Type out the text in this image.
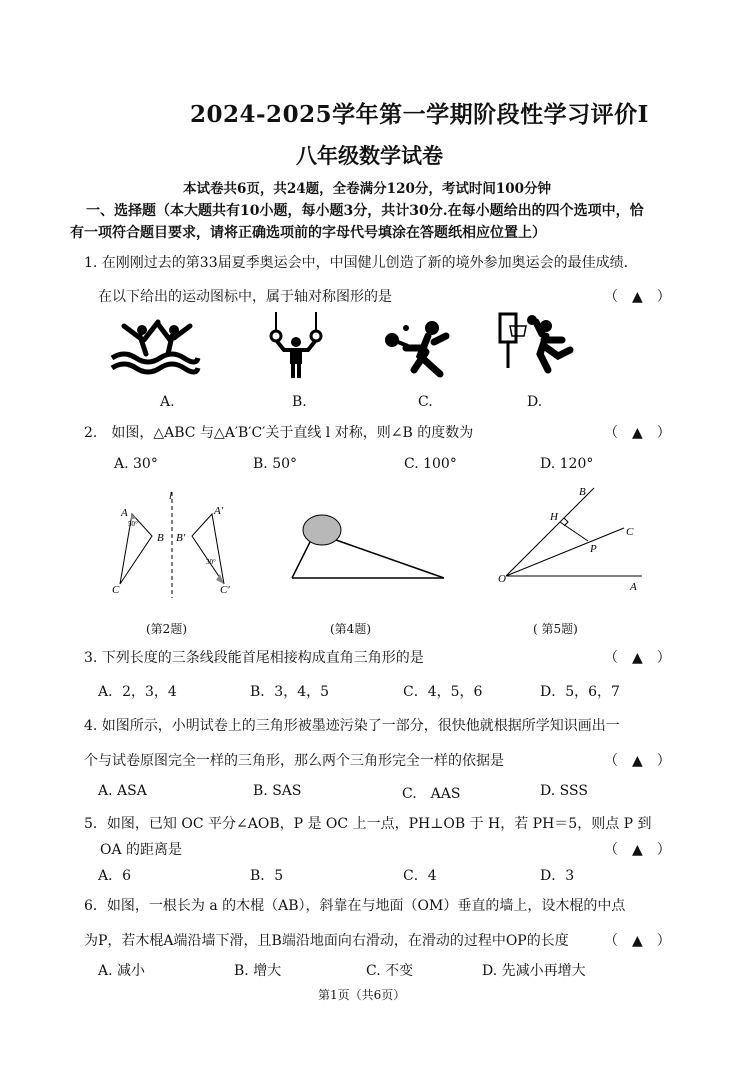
2024-2025学年第一学期阶段性学习评价Ⅰ
八年级数学试卷
本试卷共6页，共24题，全卷满分120分，考试时间100分钟
一、选择题（本大题共有10小题，每小题3分，共计30分.在每小题给出的四个选项中，恰
有一项符合题目要求，请将正确选项前的字母代号填涂在答题纸相应位置上）
1. 在刚刚过去的第33届夏季奥运会中，中国健儿创造了新的境外参加奥运会的最佳成绩.
在以下给出的运动图标中，属于轴对称图形的是	（　▲　）
A.	B.	C.	D.
2.　如图，△ABC 与△A′B′C′关于直线 l 对称，则∠B 的度数为	（　▲　）
A. 30°	B. 50°	C. 100°	D. 120°
l
A
B
C
A′
B′
C′
50°
30°
B
H
C
P
O
A
(第2题)	(第4题)	( 第5题)
3. 下列长度的三条线段能首尾相接构成直角三角形的是	（　▲　）
A．2，3，4	B．3，4，5	C．4，5，6	D．5，6，7
4. 如图所示，小明试卷上的三角形被墨迹污染了一部分，很快他就根据所学知识画出一
个与试卷原图完全一样的三角形，那么两个三角形完全一样的依据是	（　▲　）
A. ASA	B. SAS	C.　AAS	D. SSS
5．如图，已知 OC 平分∠AOB，P 是 OC 上一点，PH⊥OB 于 H，若 PH＝5，则点 P 到
OA 的距离是	（　▲　）
A．6	B．5	C．4	D．3
6．如图，一根长为 a 的木棍（AB），斜靠在与地面（OM）垂直的墙上，设木棍的中点
为P，若木棍A端沿墙下滑，且B端沿地面向右滑动，在滑动的过程中OP的长度	（　▲　）
A. 减小	B. 增大	C. 不变	D. 先减小再增大
第1页（共6页）
